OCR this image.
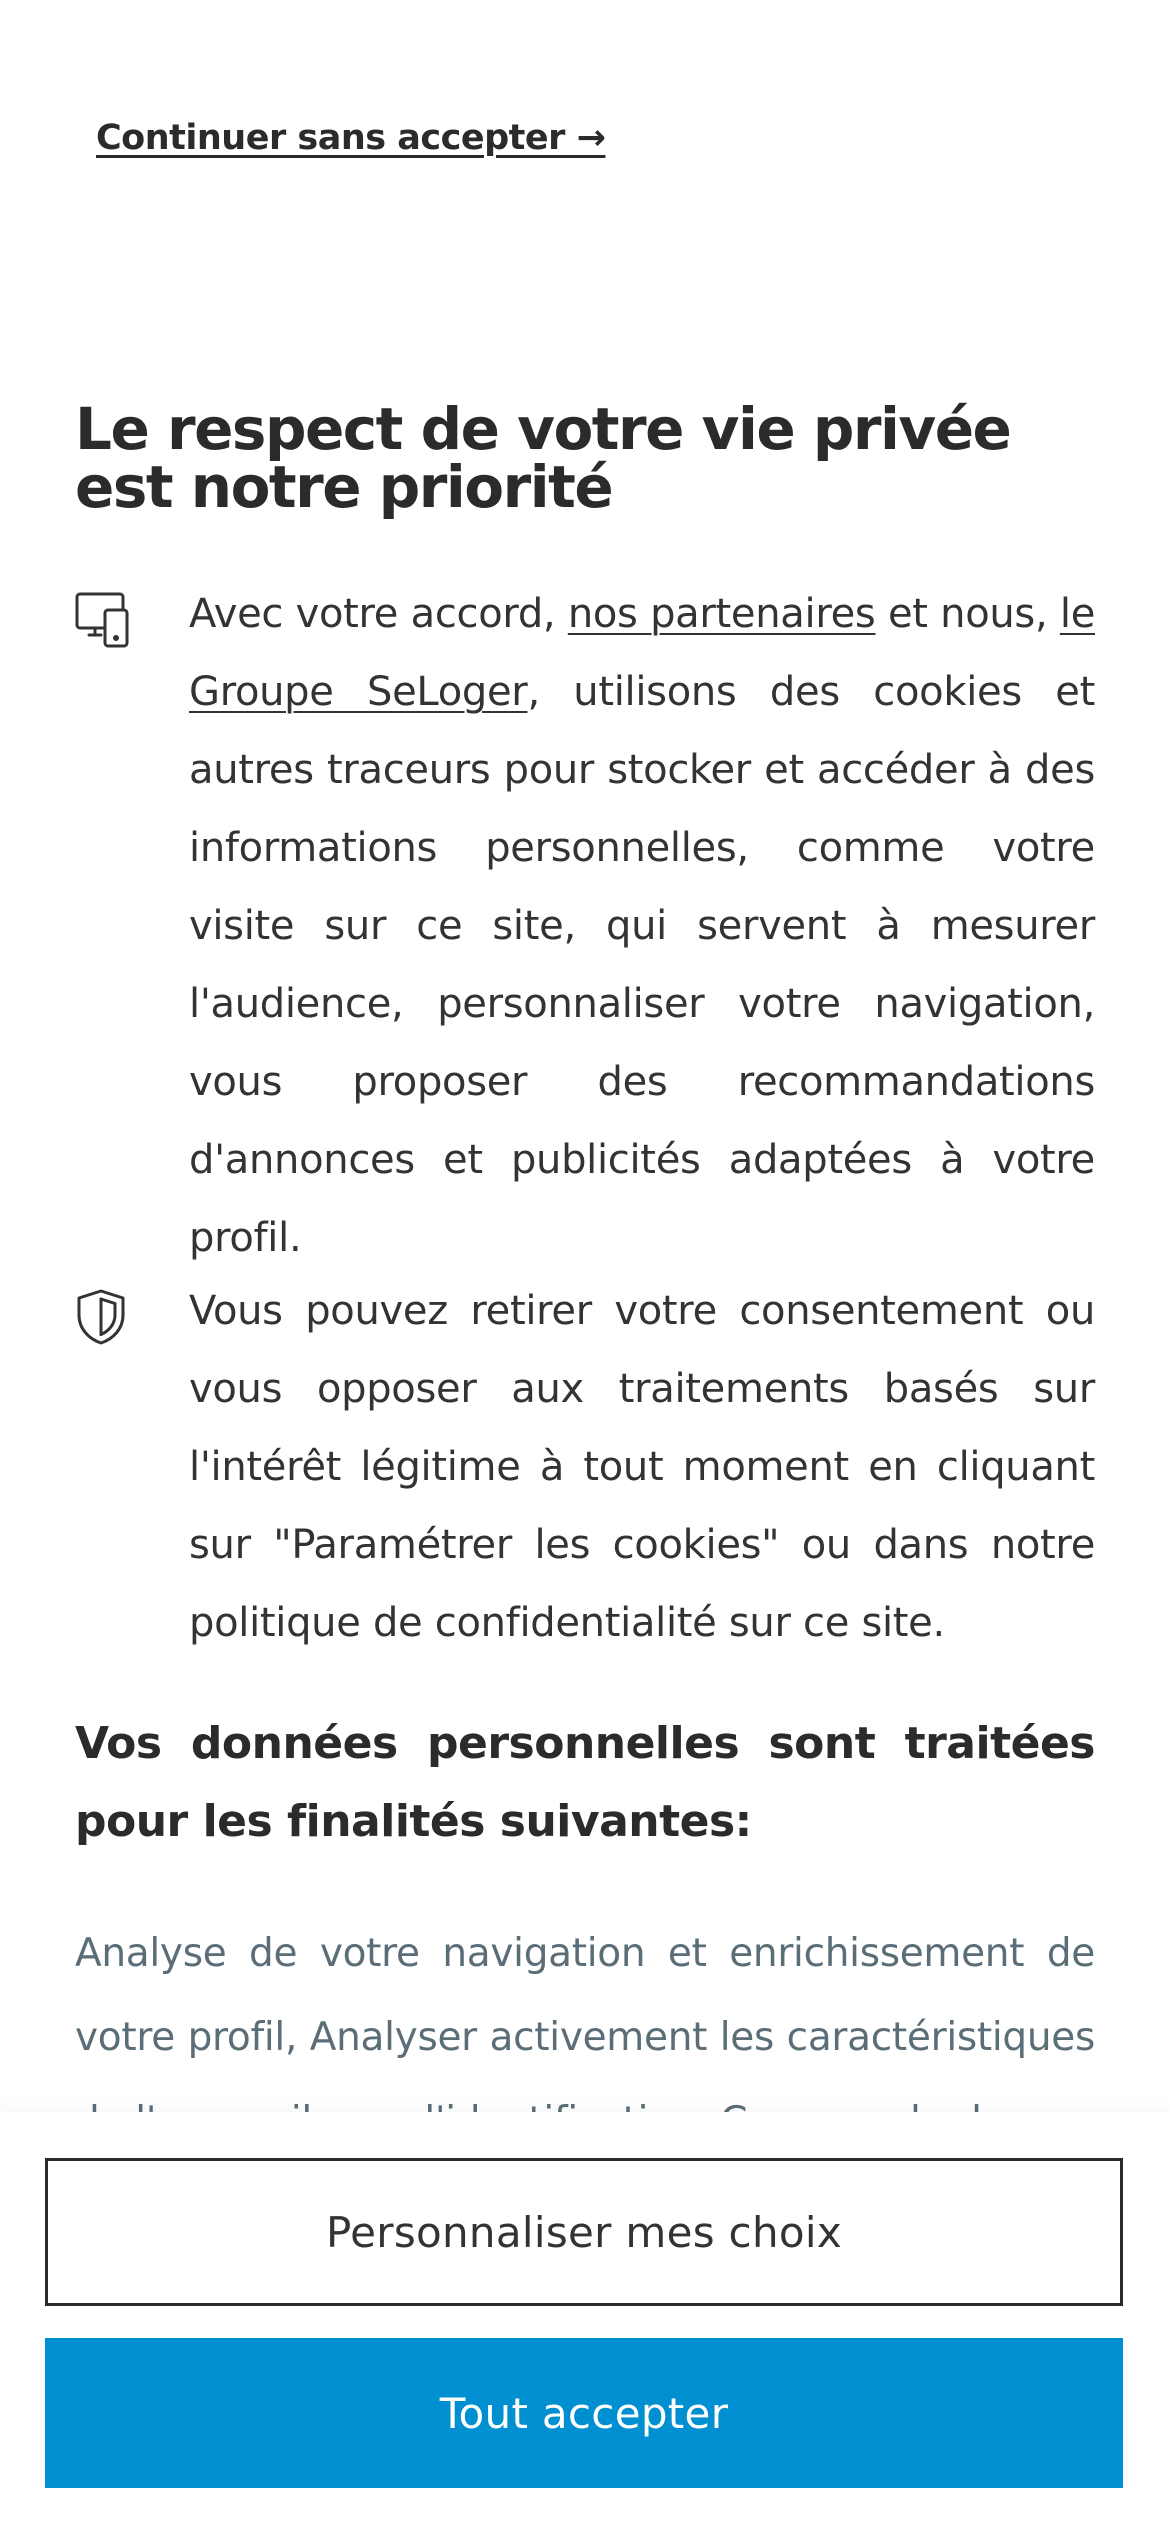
Continuer sans accepter →
Le respect de votre vie privée est notre priorité

Avec votre accord, nos partenaires et nous, le Groupe SeLoger, utilisons des cookies et autres traceurs pour stocker et accéder à des informations personnelles, comme votre visite sur ce site, qui servent à mesurer l'audience, personnaliser votre navigation, vous proposer des recommandations d'annonces et publicités adaptées à votre profil.

Vous pouvez retirer votre consentement ou vous opposer aux traitements basés sur l'intérêt légitime à tout moment en cliquant sur "Paramétrer les cookies" ou dans notre politique de confidentialité sur ce site.

Vos données personnelles sont traitées pour les finalités suivantes:

Analyse de votre navigation et enrichissement de votre profil, Analyser activement les caractéristiques

Personnaliser mes choix
Tout accepter
